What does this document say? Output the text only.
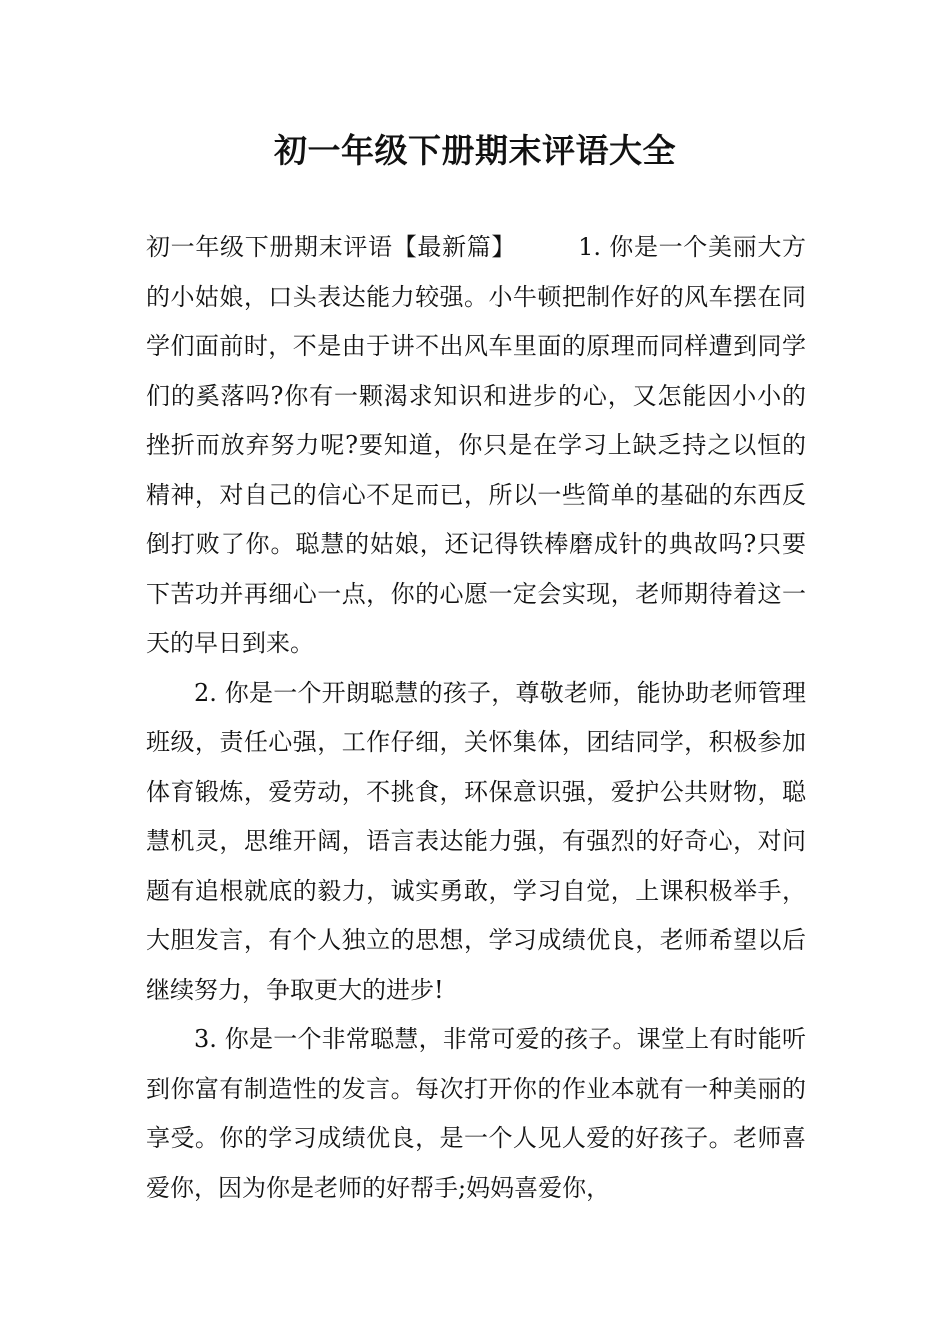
初一年级下册期末评语大全

初一年级下册期末评语【最新篇】	1. 你是一个美丽大方的小姑娘，口头表达能力较强。小牛顿把制作好的风车摆在同学们面前时，不是由于讲不出风车里面的原理而同样遭到同学们的奚落吗?你有一颗渴求知识和进步的心，又怎能因小小的挫折而放弃努力呢?要知道，你只是在学习上缺乏持之以恒的精神，对自己的信心不足而已，所以一些简单的基础的东西反倒打败了你。聪慧的姑娘，还记得铁棒磨成针的典故吗?只要下苦功并再细心一点，你的心愿一定会实现，老师期待着这一天的早日到来。

2. 你是一个开朗聪慧的孩子，尊敬老师，能协助老师管理班级，责任心强，工作仔细，关怀集体，团结同学，积极参加体育锻炼，爱劳动，不挑食，环保意识强，爱护公共财物，聪慧机灵，思维开阔，语言表达能力强，有强烈的好奇心，对问题有追根就底的毅力，诚实勇敢，学习自觉，上课积极举手，大胆发言，有个人独立的思想，学习成绩优良，老师希望以后继续努力，争取更大的进步!

3. 你是一个非常聪慧，非常可爱的孩子。课堂上有时能听到你富有制造性的发言。每次打开你的作业本就有一种美丽的享受。你的学习成绩优良，是一个人见人爱的好孩子。老师喜爱你，因为你是老师的好帮手;妈妈喜爱你，
